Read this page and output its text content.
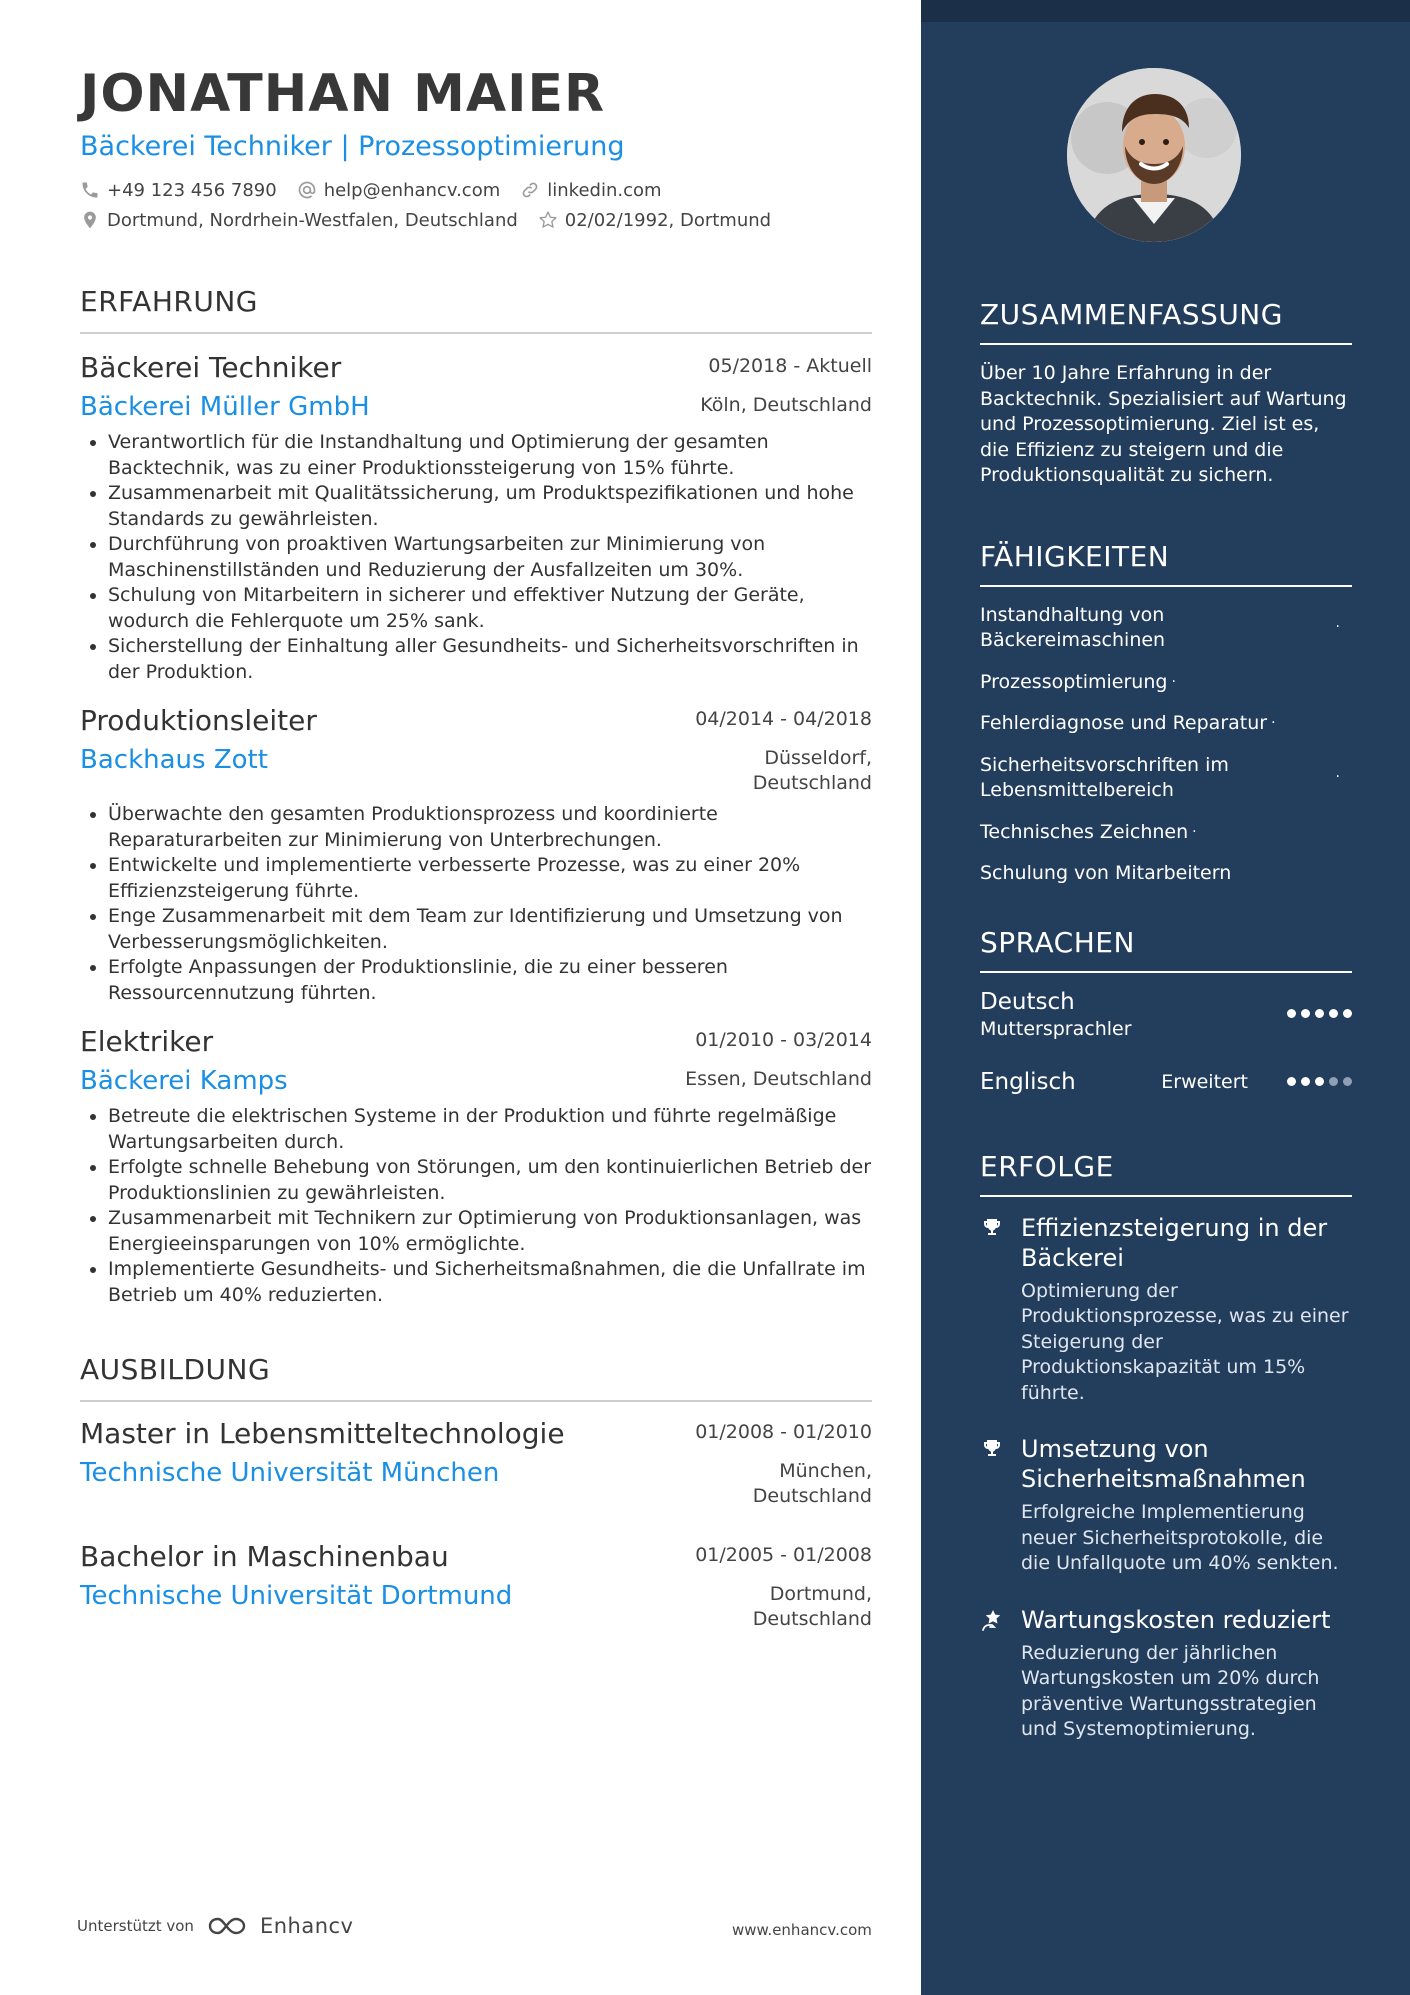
JONATHAN MAIER
Bäckerei Techniker | Prozessoptimierung
+49 123 456 7890	help@enhancv.com	linkedin.com
Dortmund, Nordrhein-Westfalen, Deutschland	02/02/1992, Dortmund
ERFAHRUNG
Bäckerei Techniker	05/2018 - Aktuell
Bäckerei Müller GmbH	Köln, Deutschland
• Verantwortlich für die Instandhaltung und Optimierung der gesamten Backtechnik, was zu einer Produktionssteigerung von 15% führte.
• Zusammenarbeit mit Qualitätssicherung, um Produktspezifikationen und hohe Standards zu gewährleisten.
• Durchführung von proaktiven Wartungsarbeiten zur Minimierung von Maschinenstillständen und Reduzierung der Ausfallzeiten um 30%.
• Schulung von Mitarbeitern in sicherer und effektiver Nutzung der Geräte, wodurch die Fehlerquote um 25% sank.
• Sicherstellung der Einhaltung aller Gesundheits- und Sicherheitsvorschriften in der Produktion.
Produktionsleiter	04/2014 - 04/2018
Backhaus Zott	Düsseldorf,
Deutschland
• Überwachte den gesamten Produktionsprozess und koordinierte Reparaturarbeiten zur Minimierung von Unterbrechungen.
• Entwickelte und implementierte verbesserte Prozesse, was zu einer 20% Effizienzsteigerung führte.
• Enge Zusammenarbeit mit dem Team zur Identifizierung und Umsetzung von Verbesserungsmöglichkeiten.
• Erfolgte Anpassungen der Produktionslinie, die zu einer besseren Ressourcennutzung führten.
Elektriker	01/2010 - 03/2014
Bäckerei Kamps	Essen, Deutschland
• Betreute die elektrischen Systeme in der Produktion und führte regelmäßige Wartungsarbeiten durch.
• Erfolgte schnelle Behebung von Störungen, um den kontinuierlichen Betrieb der Produktionslinien zu gewährleisten.
• Zusammenarbeit mit Technikern zur Optimierung von Produktionsanlagen, was Energieeinsparungen von 10% ermöglichte.
• Implementierte Gesundheits- und Sicherheitsmaßnahmen, die die Unfallrate im Betrieb um 40% reduzierten.
AUSBILDUNG
Master in Lebensmitteltechnologie	01/2008 - 01/2010
Technische Universität München	München,
Deutschland
Bachelor in Maschinenbau	01/2005 - 01/2008
Technische Universität Dortmund	Dortmund,
Deutschland
Unterstützt von	Enhancv	www.enhancv.com
ZUSAMMENFASSUNG
Über 10 Jahre Erfahrung in der Backtechnik. Spezialisiert auf Wartung und Prozessoptimierung. Ziel ist es, die Effizienz zu steigern und die Produktionsqualität zu sichern.
FÄHIGKEITEN
Instandhaltung von Bäckereimaschinen
·
Prozessoptimierung ·
Fehlerdiagnose und Reparatur ·
Sicherheitsvorschriften im Lebensmittelbereich
·
Technisches Zeichnen ·
Schulung von Mitarbeitern
SPRACHEN
Deutsch
Muttersprachler
Englisch	Erweitert
ERFOLGE
Effizienzsteigerung in der Bäckerei
Optimierung der Produktionsprozesse, was zu einer Steigerung der Produktionskapazität um 15% führte.
Umsetzung von Sicherheitsmaßnahmen
Erfolgreiche Implementierung neuer Sicherheitsprotokolle, die die Unfallquote um 40% senkten.
Wartungskosten reduziert
Reduzierung der jährlichen Wartungskosten um 20% durch präventive Wartungsstrategien und Systemoptimierung.
